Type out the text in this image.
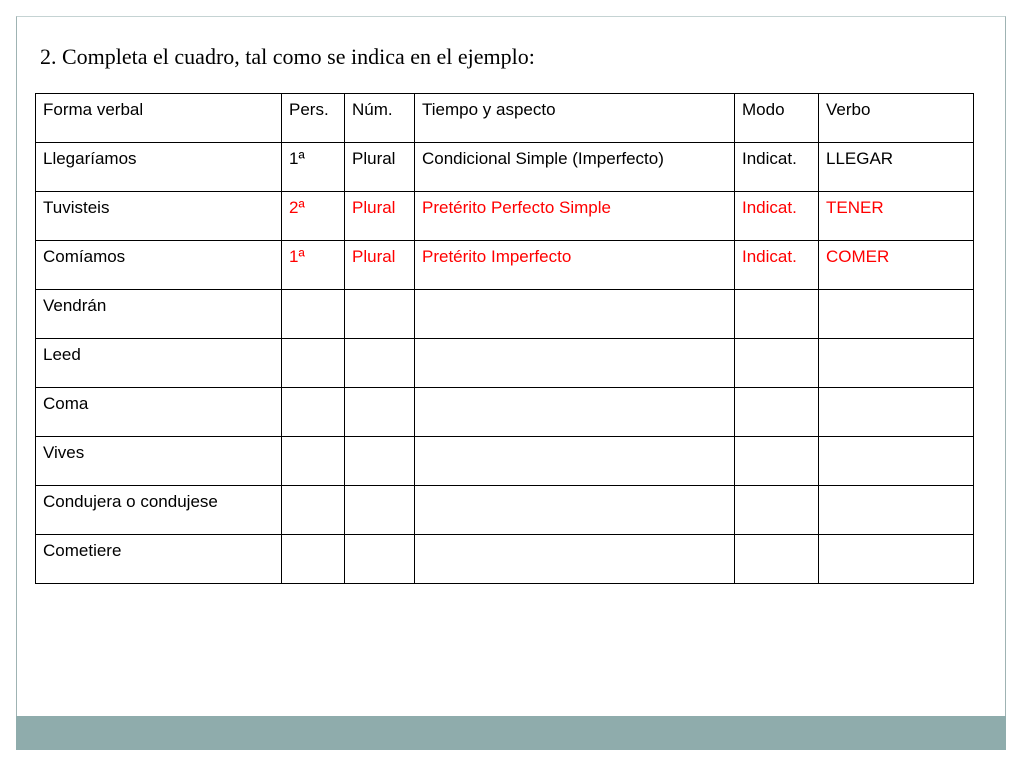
2. Completa el cuadro, tal como se indica en el ejemplo:
Forma verbal	Pers.	Núm.	Tiempo y aspecto	Modo	Verbo
Llegaríamos	1ª	Plural	Condicional Simple (Imperfecto)	Indicat.	LLEGAR
Tuvisteis	2ª	Plural	Pretérito Perfecto Simple	Indicat.	TENER
Comíamos	1ª	Plural	Pretérito Imperfecto	Indicat.	COMER
Vendrán					
Leed					
Coma					
Vives					
Condujera o condujese					
Cometiere					
